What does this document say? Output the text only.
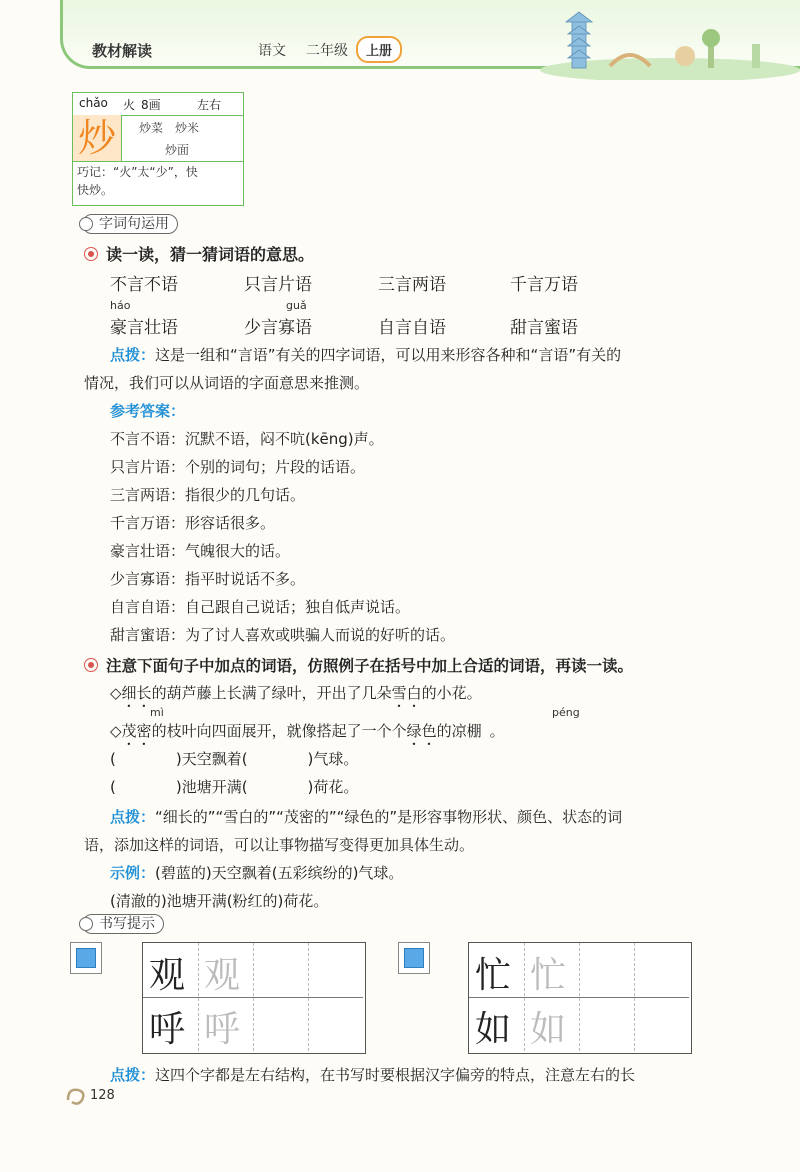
教材解读	语文 二年级	上册
chǎo 火 8画	左右
炒	炒菜　炒米
炒面
巧记：“火”太“少”，快
快炒。
字词句运用
读一读，猜一猜词语的意思。
不言不语	只言片语	三言两语	千言万语
háo	guǎ
豪言壮语	少言寡语	自言自语	甜言蜜语
点拨：这是一组和“言语”有关的四字词语，可以用来形容各种和“言语”有关的
情况，我们可以从词语的字面意思来推测。
参考答案：
不言不语：沉默不语，闷不吭(kēng)声。
只言片语：个别的词句；片段的话语。
三言两语：指很少的几句话。
千言万语：形容话很多。
豪言壮语：气魄很大的话。
少言寡语：指平时说话不多。
自言自语：自己跟自己说话；独自低声说话。
甜言蜜语：为了讨人喜欢或哄骗人而说的好听的话。
注意下面句子中加点的词语，仿照例子在括号中加上合适的词语，再读一读。
◇细长的葫芦藤上长满了绿叶，开出了几朵雪白的小花。
mì	péng
◇茂密的枝叶向四面展开，就像搭起了一个个绿色的凉棚 。
(　　　　)天空飘着(　　　　)气球。
(　　　　)池塘开满(　　　　)荷花。
点拨：“细长的”“雪白的”“茂密的”“绿色的”是形容事物形状、颜色、状态的词
语，添加这样的词语，可以让事物描写变得更加具体生动。
示例：(碧蓝的)天空飘着(五彩缤纷的)气球。
(清澈的)池塘开满(粉红的)荷花。
书写提示
观 观
呼 呼
忙 忙
如 如
点拨：这四个字都是左右结构，在书写时要根据汉字偏旁的特点，注意左右的长
128
